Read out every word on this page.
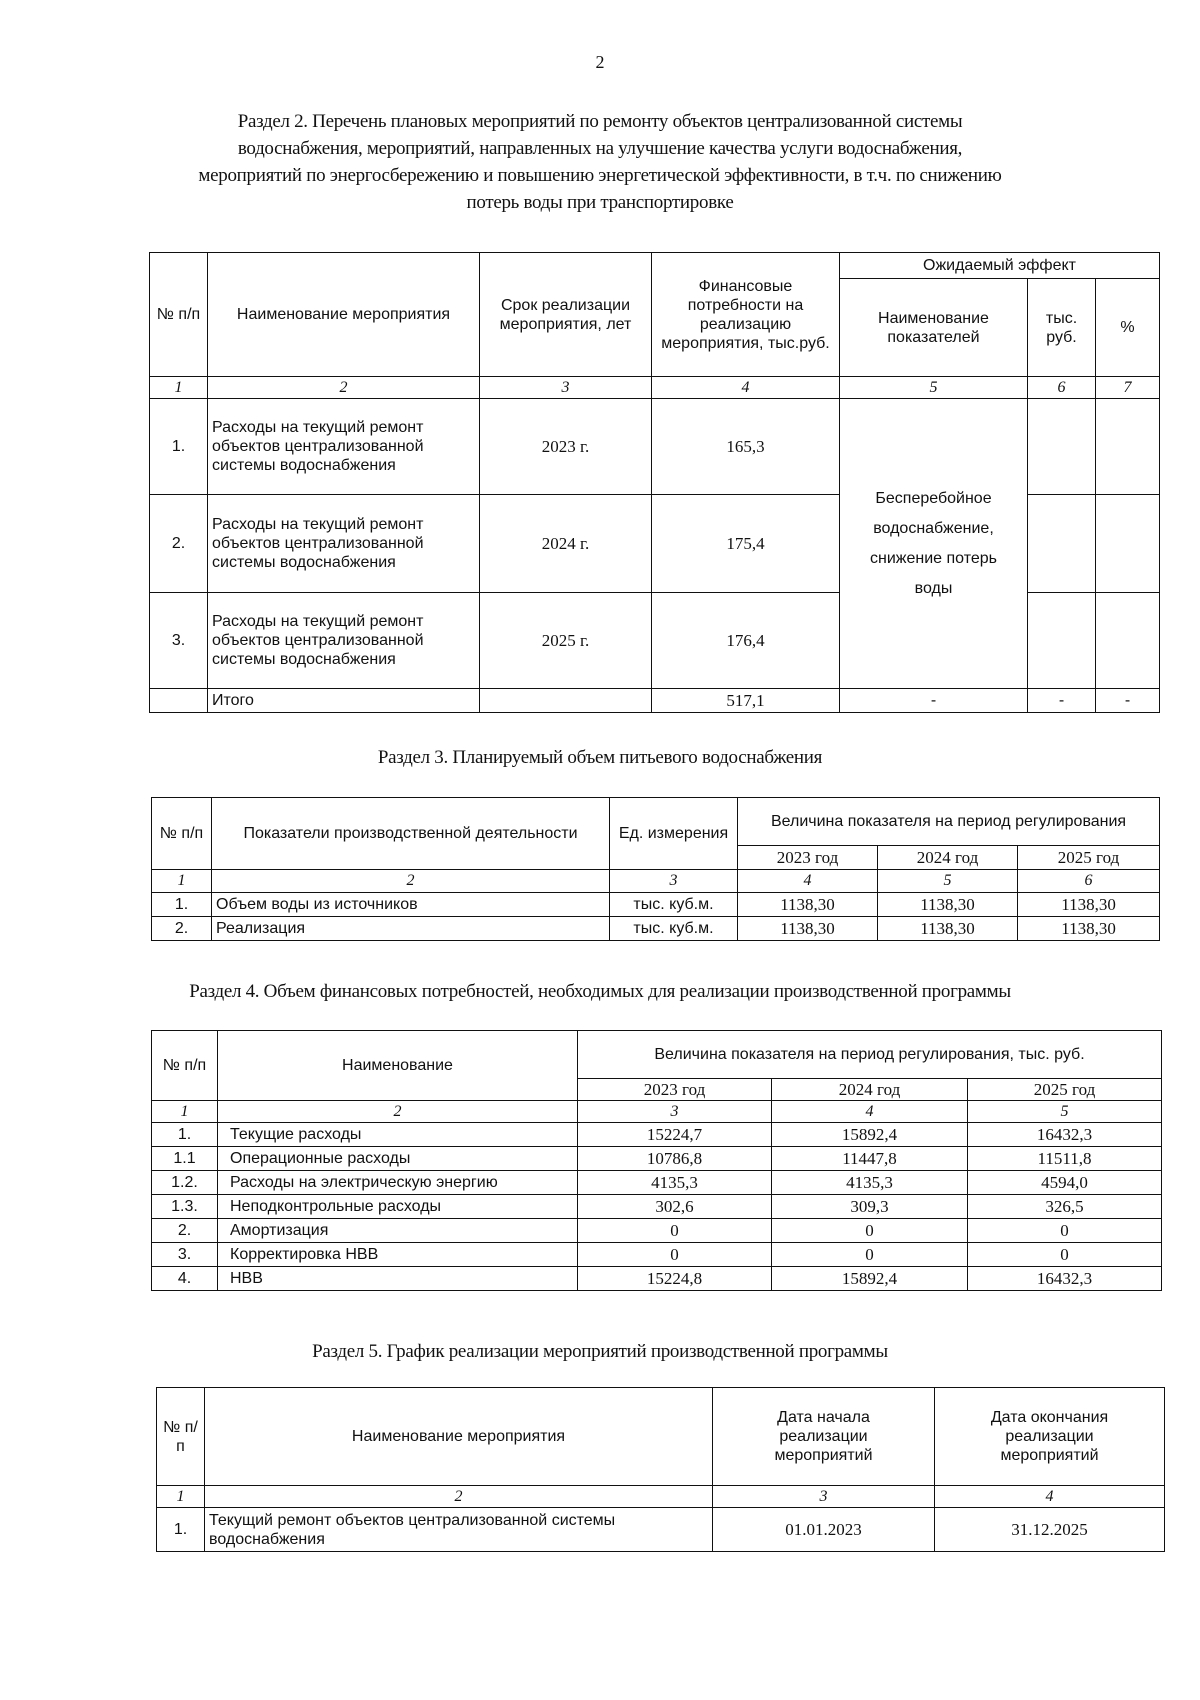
2
Раздел 2. Перечень плановых мероприятий по ремонту объектов централизованной системы
водоснабжения, мероприятий, направленных на улучшение качества услуги водоснабжения,
мероприятий по энергосбережению и повышению энергетической эффективности, в т.ч. по снижению
потерь воды при транспортировке
№ п/п	Наименование мероприятия	Срок реализации мероприятия, лет	Финансовые потребности на реализацию мероприятия, тыс.руб.	Ожидаемый эффект		
				Наименование показателей	тыс. руб.	%
1	2	3	4	5	6	7
1.	Расходы на текущий ремонт объектов централизованной системы водоснабжения	2023 г.	165,3	Бесперебойное водоснабжение, снижение потерь воды		
2.	Расходы на текущий ремонт объектов централизованной системы водоснабжения	2024 г.	175,4			
3.	Расходы на текущий ремонт объектов централизованной системы водоснабжения	2025 г.	176,4			
	Итого		517,1	-	-	-
Раздел 3. Планируемый объем питьевого водоснабжения
№ п/п	Показатели производственной деятельности	Ед. измерения	Величина показателя на период регулирования		
			2023 год	2024 год	2025 год
1	2	3	4	5	6
1.	Объем воды из источников	тыс. куб.м.	1138,30	1138,30	1138,30
2.	Реализация	тыс. куб.м.	1138,30	1138,30	1138,30
Раздел 4. Объем финансовых потребностей, необходимых для реализации производственной программы
№ п/п	Наименование	Величина показателя на период регулирования, тыс. руб.		
		2023 год	2024 год	2025 год
1	2	3	4	5
1.	Текущие расходы	15224,7	15892,4	16432,3
1.1	Операционные расходы	10786,8	11447,8	11511,8
1.2.	Расходы на электрическую энергию	4135,3	4135,3	4594,0
1.3.	Неподконтрольные расходы	302,6	309,3	326,5
2.	Амортизация	0	0	0
3.	Корректировка НВВ	0	0	0
4.	НВВ	15224,8	15892,4	16432,3
Раздел 5. График реализации мероприятий производственной программы
№ п/п	Наименование мероприятия	Дата начала реализации мероприятий	Дата окончания реализации мероприятий
1	2	3	4
1.	Текущий ремонт объектов централизованной системы водоснабжения	01.01.2023	31.12.2025
